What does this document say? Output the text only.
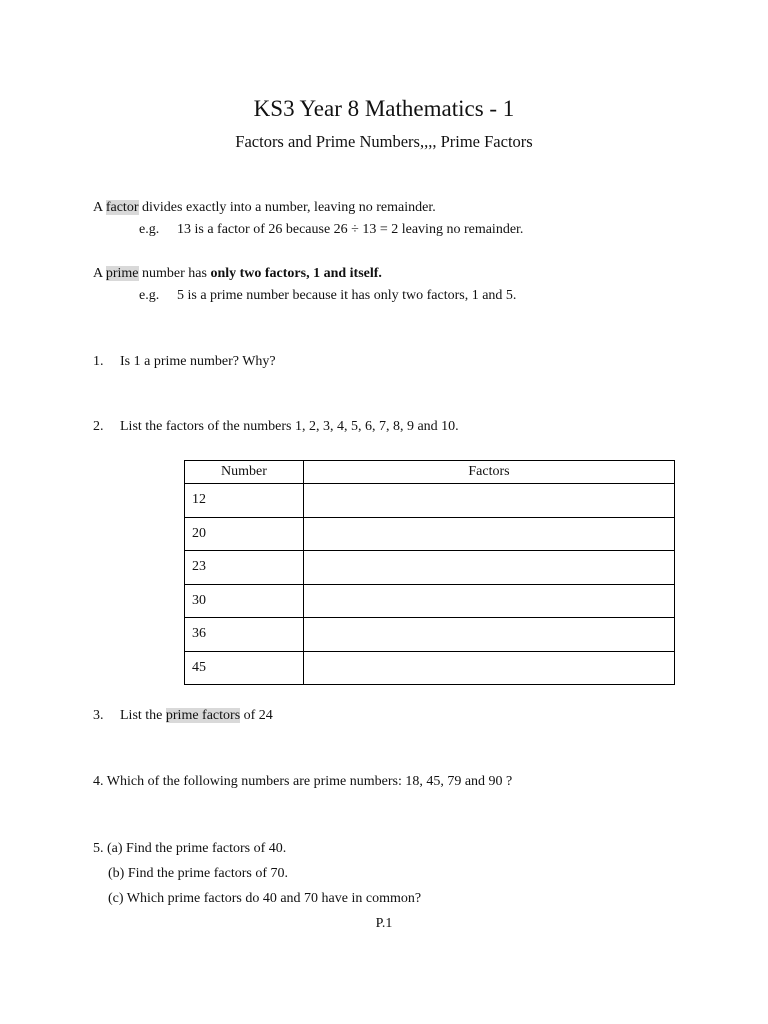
KS3 Year 8 Mathematics - 1
Factors and Prime Numbers,,,, Prime Factors
A factor divides exactly into a number, leaving no remainder.
e.g. 13 is a factor of 26 because 26 ÷ 13 = 2 leaving no remainder.
A prime number has only two factors, 1 and itself.
e.g. 5 is a prime number because it has only two factors, 1 and 5.
1. Is 1 a prime number? Why?
2. List the factors of the numbers 1, 2, 3, 4, 5, 6, 7, 8, 9 and 10.
Number	Factors
12	
20	
23	
30	
36	
45	
3. List the prime factors of 24
4. Which of the following numbers are prime numbers: 18, 45, 79 and 90 ?
5. (a) Find the prime factors of 40.
(b) Find the prime factors of 70.
(c) Which prime factors do 40 and 70 have in common?
P.1
